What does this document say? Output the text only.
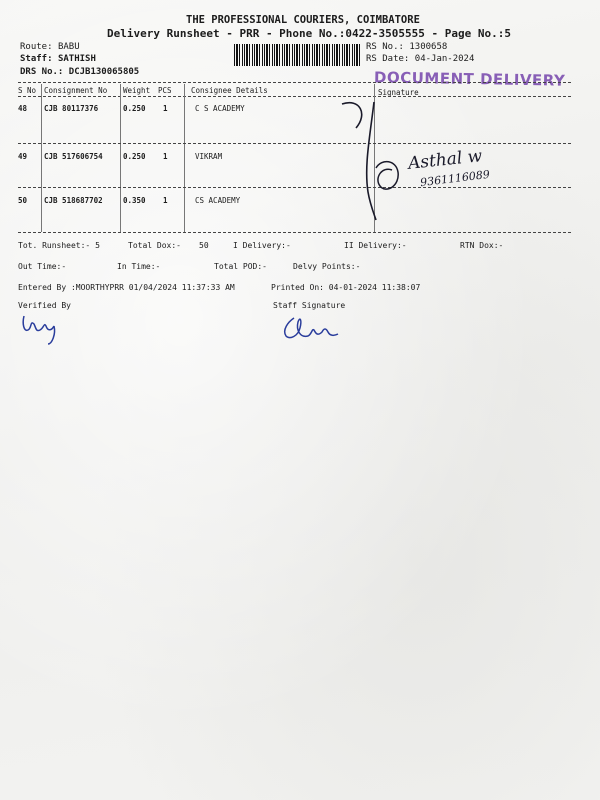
THE PROFESSIONAL COURIERS, COIMBATORE
Delivery Runsheet - PRR - Phone No.:0422-3505555 - Page No.:5
Route: BABU
Staff: SATHISH
DRS No.: DCJB130065805
RS No.: 1300658
RS Date: 04-Jan-2024
DOCUMENT DELIVERY
S No Consignment No Weight PCS	Consignee Details	Signature
48 CJB 80117376	0.250 1	C S ACADEMY
49 CJB 517606754	0.250 1	VIKRAM
50 CJB 518687702	0.350 1	CS ACADEMY
Asthal w
9361116089
Tot. Runsheet:- 5	Total Dox:- 50	I Delivery:-	II Delivery:-	RTN Dox:-
Out Time:-	In Time:-	Total POD:-	Delvy Points:-
Entered By :MOORTHYPRR 01/04/2024 11:37:33 AM	Printed On: 04-01-2024 11:38:07
Verified By	Staff Signature
